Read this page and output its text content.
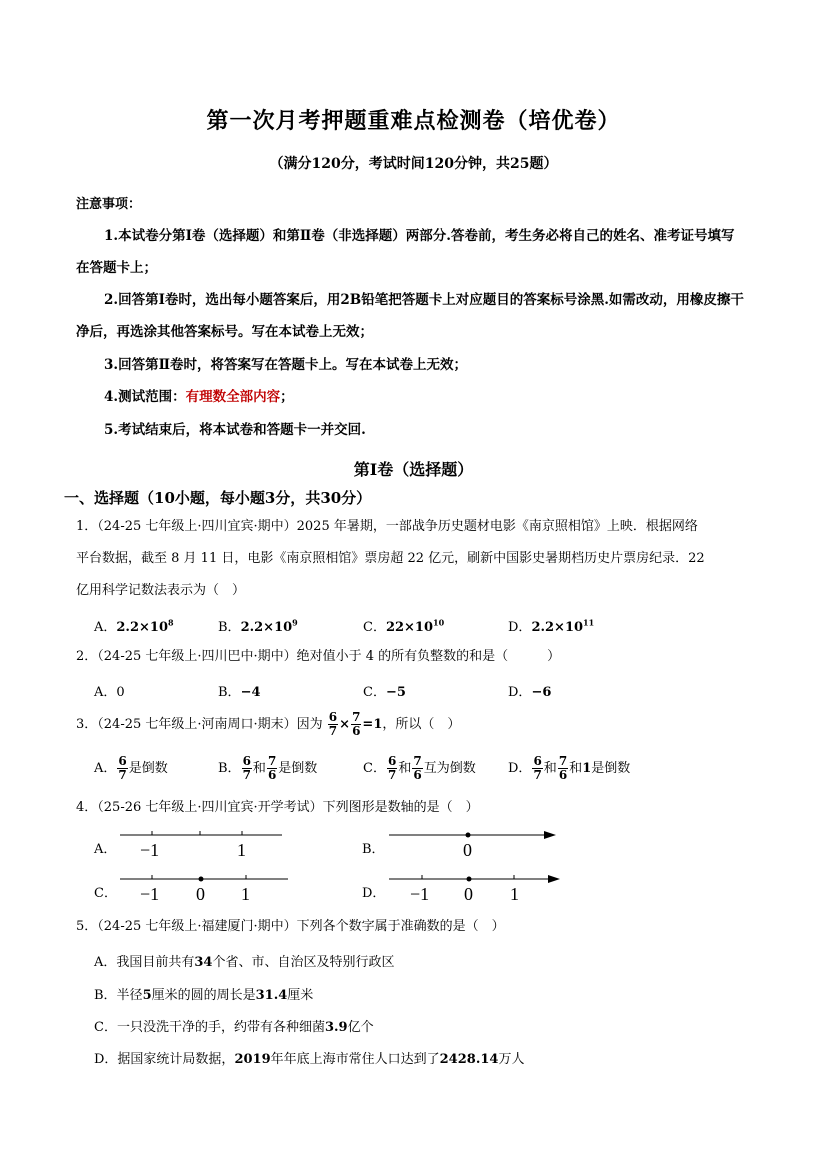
第一次月考押题重难点检测卷（培优卷）
（满分120分，考试时间120分钟，共25题）
注意事项：
1.本试卷分第Ⅰ卷（选择题）和第Ⅱ卷（非选择题）两部分.答卷前，考生务必将自己的姓名、准考证号填写
在答题卡上；
2.回答第Ⅰ卷时，选出每小题答案后，用2B铅笔把答题卡上对应题目的答案标号涂黑.如需改动，用橡皮擦干
净后，再选涂其他答案标号。写在本试卷上无效；
3.回答第Ⅱ卷时，将答案写在答题卡上。写在本试卷上无效；
4.测试范围：有理数全部内容；
5.考试结束后，将本试卷和答题卡一并交回.
第Ⅰ卷（选择题）
一、选择题（10小题，每小题3分，共30分）
1．（24-25 七年级上·四川宜宾·期中）2025 年暑期，一部战争历史题材电影《南京照相馆》上映．根据网络
平台数据，截至 8 月 11 日，电影《南京照相馆》票房超 22 亿元，刷新中国影史暑期档历史片票房纪录．22
亿用科学记数法表示为（　）
A．$2.2\times 10^8$	B．$2.2\times 10^9$	C．$22\times 10^{10}$	D．$2.2\times 10^{11}$
2．（24-25 七年级上·四川巴中·期中）绝对值小于 4 的所有负整数的和是（　　　）
A．0	B．−4	C．−5	D．−6
3．（24-25 七年级上·河南周口·期末）因为 $\frac{6}{7} \times \frac{7}{6} =1$，所以（　）
A． $\frac{6}{7}$ 是倒数	B． $\frac{6}{7}$ 和 $\frac{7}{6}$ 是倒数	C． $\frac{6}{7}$ 和 $\frac{7}{6}$ 互为倒数 D． $\frac{6}{7}$ 和 $\frac{7}{6}$ 和1是倒数
4．（25-26 七年级上·四川宜宾·开学考试）下列图形是数轴的是（　）
A． −1	1	B．	0
C． −1 0 1	D． −1 0 1
5．（24-25 七年级上·福建厦门·期中）下列各个数字属于准确数的是（　）
A．我国目前共有34个省、市、自治区及特别行政区
B．半径5厘米的圆的周长是31.4厘米
C．一只没洗干净的手，约带有各种细菌3.9亿个
D．据国家统计局数据，2019年年底上海市常住人口达到了2428.14万人
